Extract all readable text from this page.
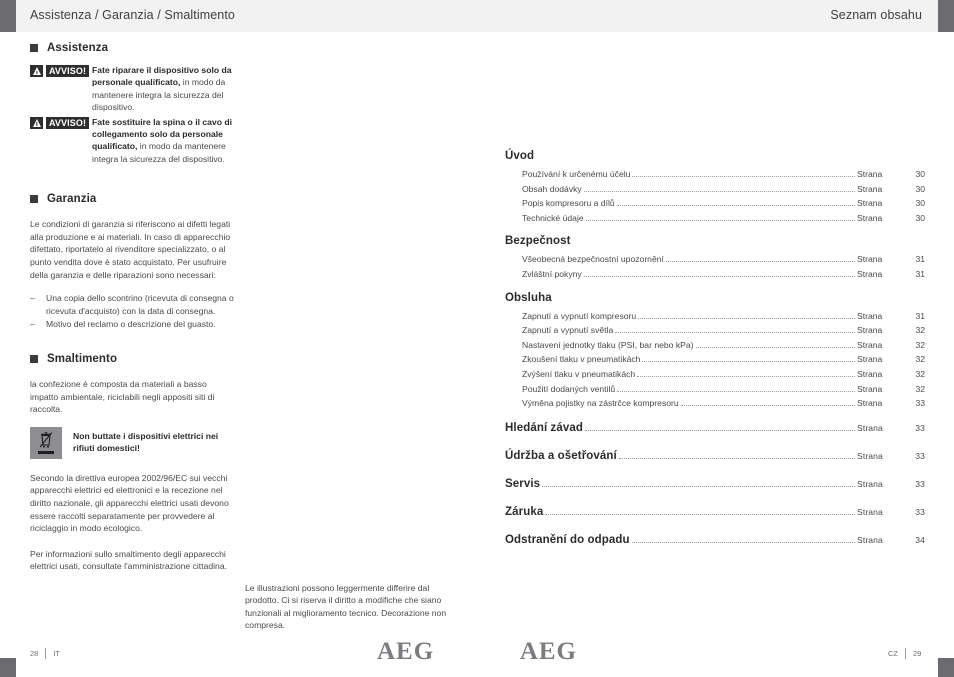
Assistenza / Garanzia / Smaltimento	Seznam obsahu
Assistenza
AVVISO! Fate riparare il dispositivo solo da personale qualificato, in modo da mantenere integra la sicurezza del dispositivo.
AVVISO! Fate sostituire la spina o il cavo di collegamento solo da personale qualificato, in modo da mantenere integra la sicurezza del dispositivo.
Garanzia

Le condizioni di garanzia si riferiscono ai difetti legati alla produzione e ai materiali. In caso di apparecchio difettato, riportatelo al rivenditore specializzato, o al punto vendita dove è stato acquistato. Per usufruire della garanzia e delle riparazioni sono necessari:

– Una copia dello scontrino (ricevuta di consegna o ricevuta d'acquisto) con la data di consegna.
– Motivo del reclamo o descrizione del guasto.
Smaltimento

la confezione è composta da materiali a basso impatto ambientale, riciclabili negli appositi siti di raccolta.

Non buttate i dispositivi elettrici nei rifiuti domestici!

Secondo la direttiva europea 2002/96/EC sui vecchi apparecchi elettrici ed elettronici e la recezione nel diritto nazionale, gli apparecchi elettrici usati devono essere raccolti separatamente per provvedere al riciclaggio in modo ecologico.

Per informazioni sullo smaltimento degli apparecchi elettrici usati, consultate l'amministrazione cittadina.

Le illustrazioni possono leggermente differire dal prodotto. Ci si riserva il diritto a modifiche che siano funzionali al miglioramento tecnico. Decorazione non compresa.
Úvod
Používání k určenému účelu	Strana	30
Obsah dodávky	Strana	30
Popis kompresoru a dílů	Strana	30
Technické údaje	Strana	30
Bezpečnost
Všeobecná bezpečnostní upozornění	Strana	31
Zvláštní pokyny	Strana	31
Obsluha
Zapnutí a vypnutí kompresoru	Strana	31
Zapnutí a vypnutí světla	Strana	32
Nastavení jednotky tlaku (PSI, bar nebo kPa)	Strana	32
Zkoušení tlaku v pneumatikách	Strana	32
Zvýšení tlaku v pneumatikách	Strana	32
Použití dodaných ventilů	Strana	32
Výměna pojistky na zástrčce kompresoru	Strana	33
Hledání závad	Strana	33
Údržba a ošetřování	Strana	33
Servis	Strana	33
Záruka	Strana	33
Odstranění do odpadu	Strana	34
28 IT	AEG	AEG	CZ 29
